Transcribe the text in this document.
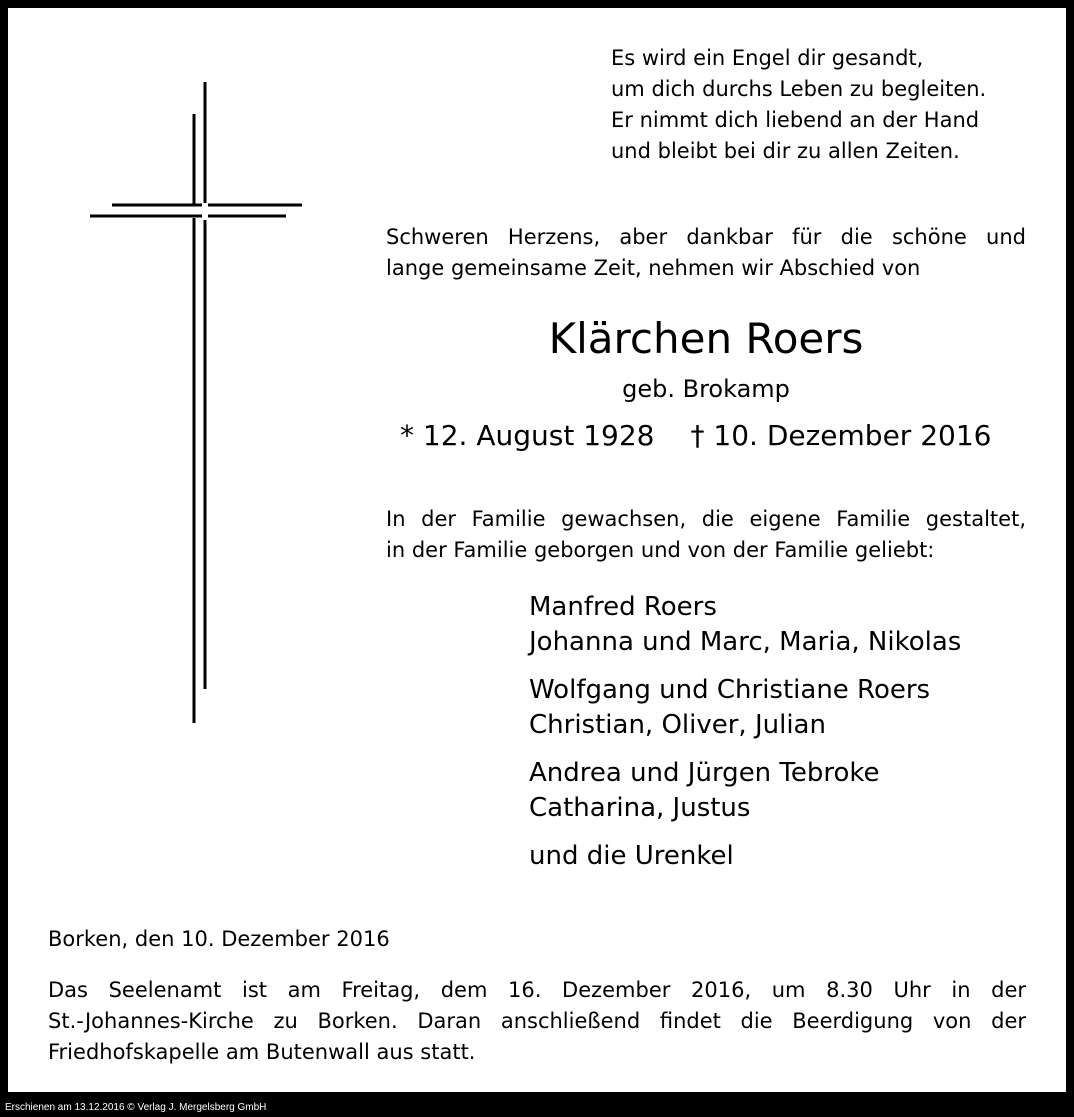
Es wird ein Engel dir gesandt,
um dich durchs Leben zu begleiten.
Er nimmt dich liebend an der Hand
und bleibt bei dir zu allen Zeiten.
Schweren Herzens, aber dankbar für die schöne und
lange gemeinsame Zeit, nehmen wir Abschied von
Klärchen Roers
geb. Brokamp
* 12. August 1928 † 10. Dezember 2016
In der Familie gewachsen, die eigene Familie gestaltet,
in der Familie geborgen und von der Familie geliebt:
Manfred Roers
Johanna und Marc, Maria, Nikolas
Wolfgang und Christiane Roers
Christian, Oliver, Julian
Andrea und Jürgen Tebroke
Catharina, Justus
und die Urenkel
Borken, den 10. Dezember 2016
Das Seelenamt ist am Freitag, dem 16. Dezember 2016, um 8.30 Uhr in der
St.-Johannes-Kirche zu Borken. Daran anschließend findet die Beerdigung von der
Friedhofskapelle am Butenwall aus statt.
Erschienen am 13.12.2016 © Verlag J. Mergelsberg GmbH
